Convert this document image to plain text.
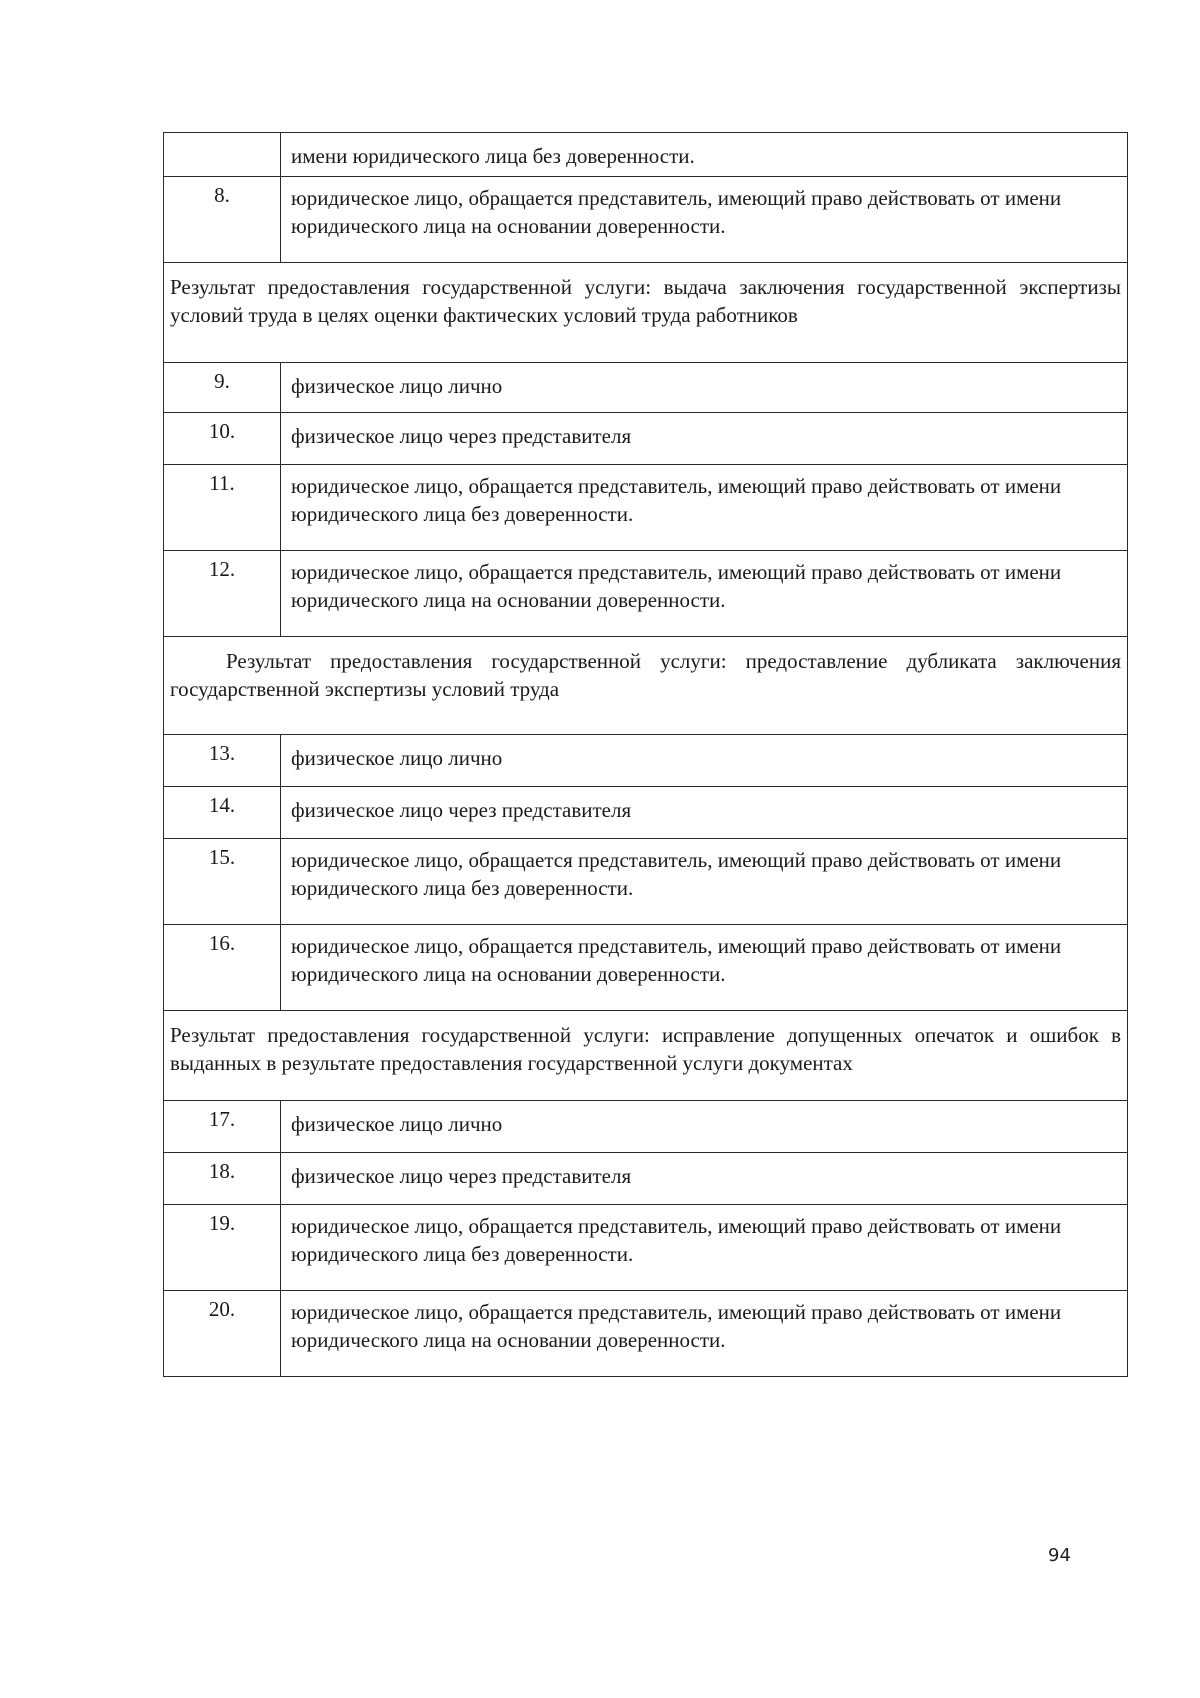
	имени юридического лица без доверенности.
8.	юридическое лицо, обращается представитель, имеющий право действовать от имени юридического лица на основании доверенности.
Результат предоставления государственной услуги: выдача заключения государственной экспертизы условий труда в целях оценки фактических условий труда работников	
9.	физическое лицо лично
10.	физическое лицо через представителя
11.	юридическое лицо, обращается представитель, имеющий право действовать от имени юридического лица без доверенности.
12.	юридическое лицо, обращается представитель, имеющий право действовать от имени юридического лица на основании доверенности.
Результат предоставления государственной услуги: предоставление дубликата заключения государственной экспертизы условий труда	
13.	физическое лицо лично
14.	физическое лицо через представителя
15.	юридическое лицо, обращается представитель, имеющий право действовать от имени юридического лица без доверенности.
16.	юридическое лицо, обращается представитель, имеющий право действовать от имени юридического лица на основании доверенности.
Результат предоставления государственной услуги: исправление допущенных опечаток и ошибок в выданных в результате предоставления государственной услуги документах	
17.	физическое лицо лично
18.	физическое лицо через представителя
19.	юридическое лицо, обращается представитель, имеющий право действовать от имени юридического лица без доверенности.
20.	юридическое лицо, обращается представитель, имеющий право действовать от имени юридического лица на основании доверенности.
94
